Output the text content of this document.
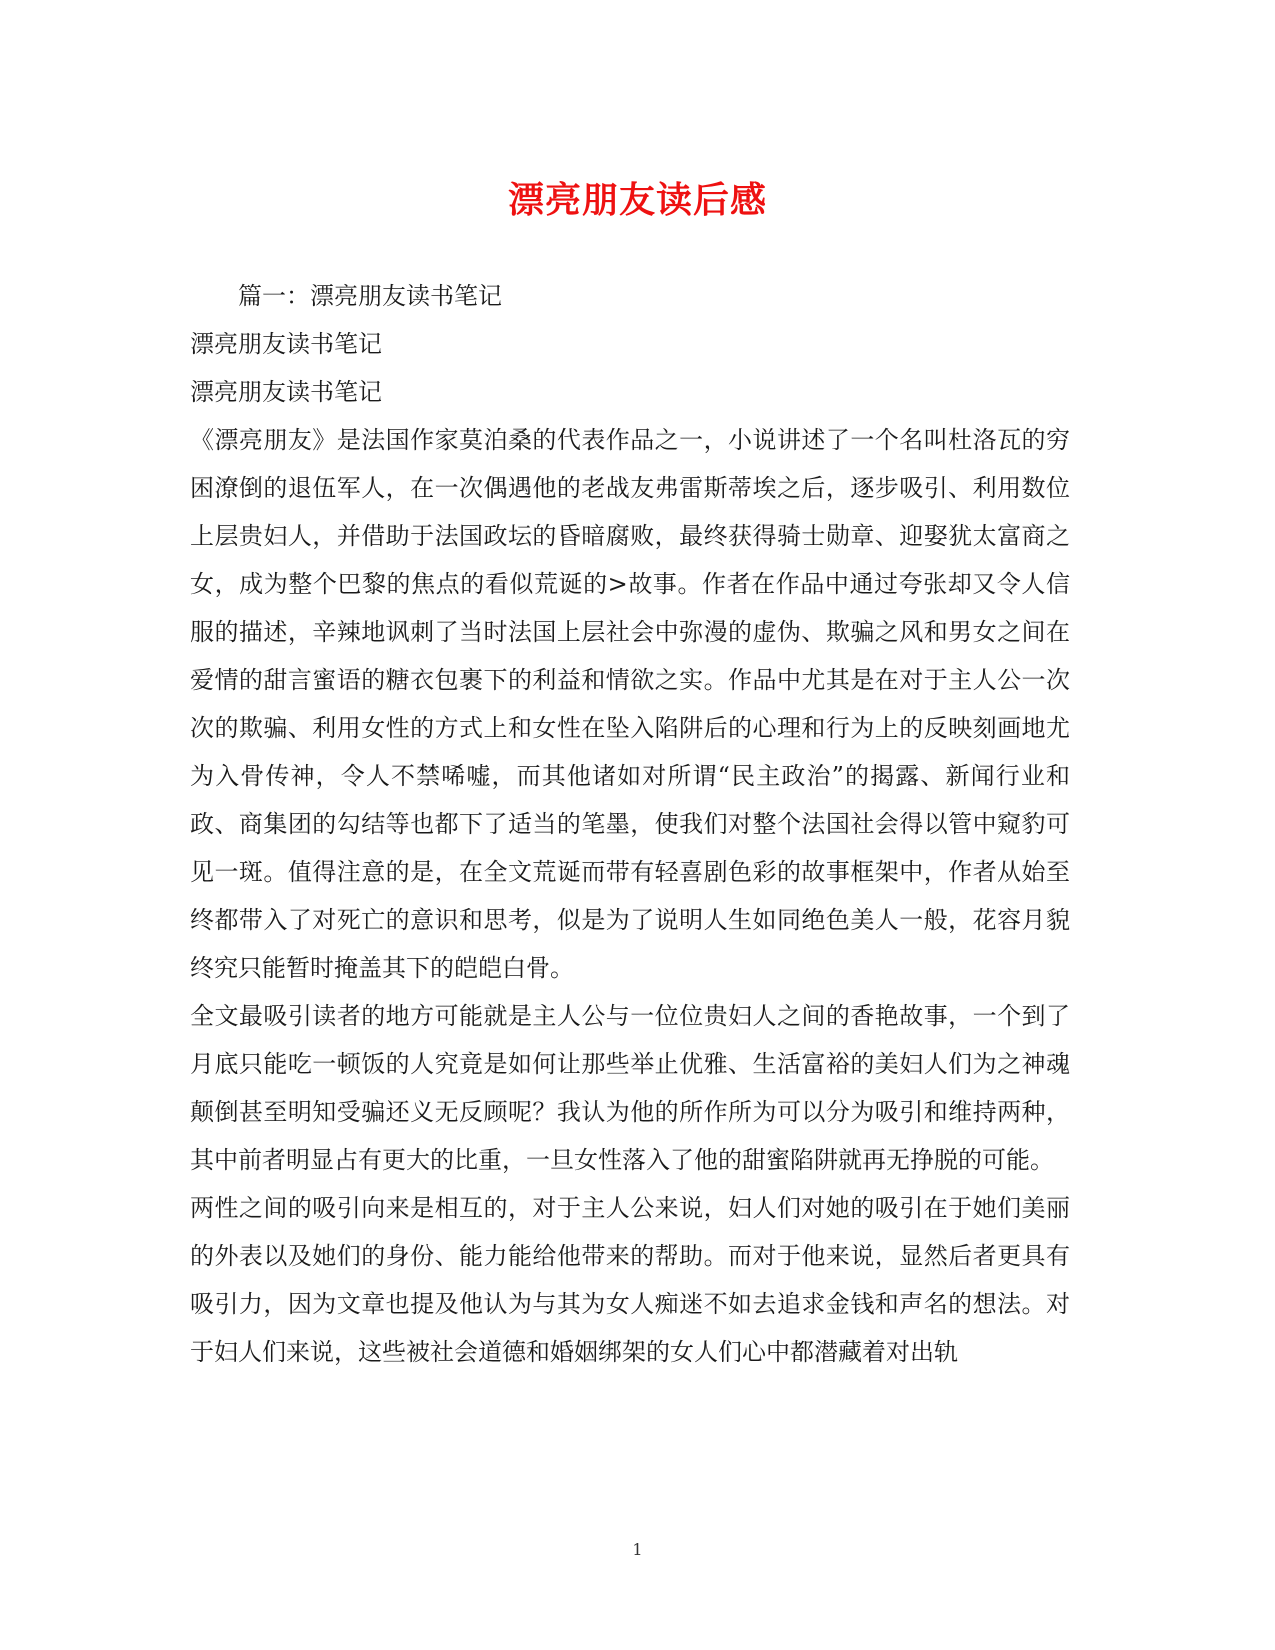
漂亮朋友读后感

篇一：漂亮朋友读书笔记

漂亮朋友读书笔记

漂亮朋友读书笔记

《漂亮朋友》是法国作家莫泊桑的代表作品之一，小说讲述了一个名叫杜洛瓦的穷困潦倒的退伍军人，在一次偶遇他的老战友弗雷斯蒂埃之后，逐步吸引、利用数位上层贵妇人，并借助于法国政坛的昏暗腐败，最终获得骑士勋章、迎娶犹太富商之女，成为整个巴黎的焦点的看似荒诞的>故事。作者在作品中通过夸张却又令人信服的描述，辛辣地讽刺了当时法国上层社会中弥漫的虚伪、欺骗之风和男女之间在爱情的甜言蜜语的糖衣包裹下的利益和情欲之实。作品中尤其是在对于主人公一次次的欺骗、利用女性的方式上和女性在坠入陷阱后的心理和行为上的反映刻画地尤为入骨传神，令人不禁唏嘘，而其他诸如对所谓“民主政治”的揭露、新闻行业和政、商集团的勾结等也都下了适当的笔墨，使我们对整个法国社会得以管中窥豹可见一斑。值得注意的是，在全文荒诞而带有轻喜剧色彩的故事框架中，作者从始至终都带入了对死亡的意识和思考，似是为了说明人生如同绝色美人一般，花容月貌终究只能暂时掩盖其下的皑皑白骨。

全文最吸引读者的地方可能就是主人公与一位位贵妇人之间的香艳故事，一个到了月底只能吃一顿饭的人究竟是如何让那些举止优雅、生活富裕的美妇人们为之神魂颠倒甚至明知受骗还义无反顾呢？我认为他的所作所为可以分为吸引和维持两种，其中前者明显占有更大的比重，一旦女性落入了他的甜蜜陷阱就再无挣脱的可能。

两性之间的吸引向来是相互的，对于主人公来说，妇人们对她的吸引在于她们美丽的外表以及她们的身份、能力能给他带来的帮助。而对于他来说，显然后者更具有吸引力，因为文章也提及他认为与其为女人痴迷不如去追求金钱和声名的想法。对于妇人们来说，这些被社会道德和婚姻绑架的女人们心中都潜藏着对出轨

1
